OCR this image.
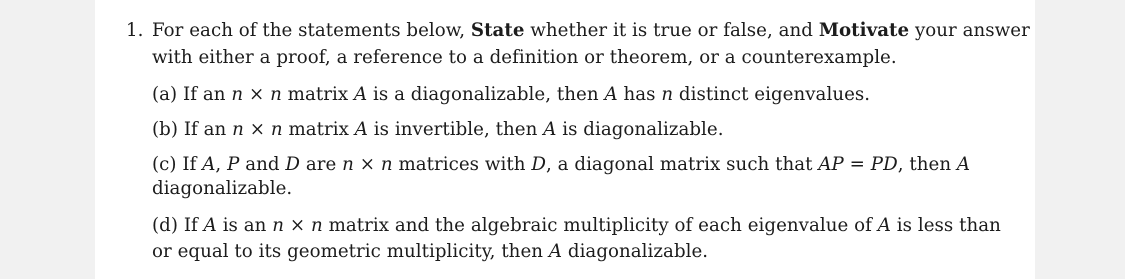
1. For each of the statements below, State whether it is true or false, and Motivate your answer
with either a proof, a reference to a definition or theorem, or a counterexample.
(a) If an n × n matrix A is a diagonalizable, then A has n distinct eigenvalues.
(b) If an n × n matrix A is invertible, then A is diagonalizable.
(c) If A, P and D are n × n matrices with D, a diagonal matrix such that AP = PD, then A
diagonalizable.
(d) If A is an n × n matrix and the algebraic multiplicity of each eigenvalue of A is less than
or equal to its geometric multiplicity, then A diagonalizable.
